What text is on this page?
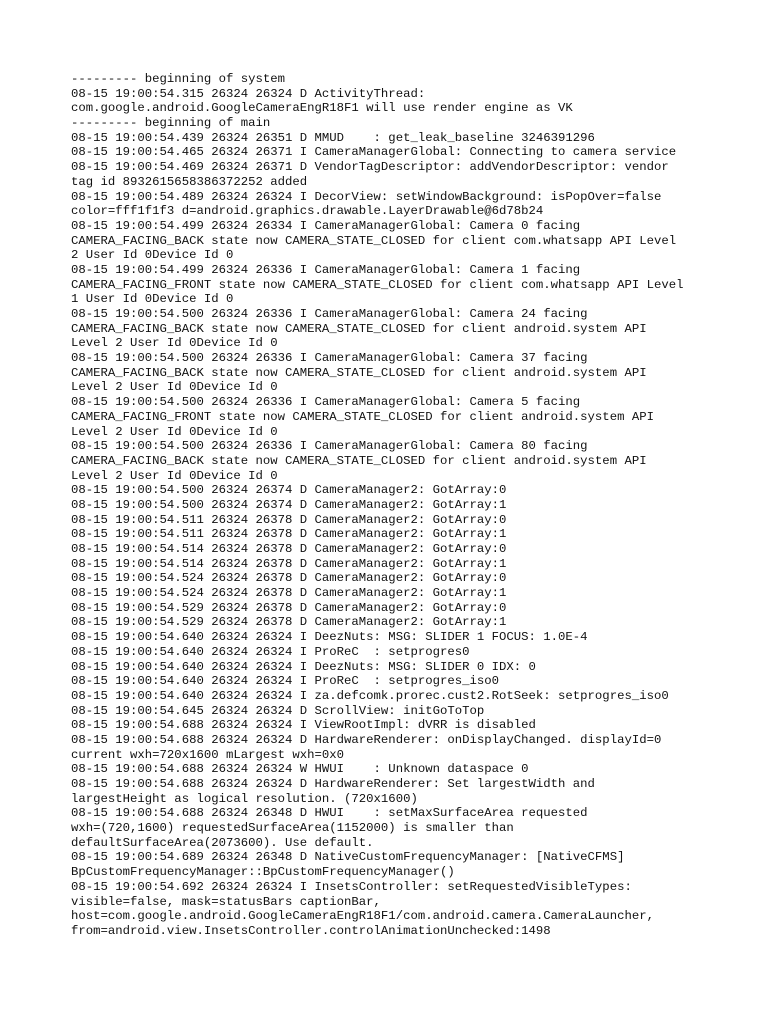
--------- beginning of system
08-15 19:00:54.315 26324 26324 D ActivityThread:
com.google.android.GoogleCameraEngR18F1 will use render engine as VK
--------- beginning of main
08-15 19:00:54.439 26324 26351 D MMUD    : get_leak_baseline 3246391296
08-15 19:00:54.465 26324 26371 I CameraManagerGlobal: Connecting to camera service
08-15 19:00:54.469 26324 26371 D VendorTagDescriptor: addVendorDescriptor: vendor
tag id 8932615658386372252 added
08-15 19:00:54.489 26324 26324 I DecorView: setWindowBackground: isPopOver=false
color=fff1f1f3 d=android.graphics.drawable.LayerDrawable@6d78b24
08-15 19:00:54.499 26324 26334 I CameraManagerGlobal: Camera 0 facing
CAMERA_FACING_BACK state now CAMERA_STATE_CLOSED for client com.whatsapp API Level
2 User Id 0Device Id 0
08-15 19:00:54.499 26324 26336 I CameraManagerGlobal: Camera 1 facing
CAMERA_FACING_FRONT state now CAMERA_STATE_CLOSED for client com.whatsapp API Level
1 User Id 0Device Id 0
08-15 19:00:54.500 26324 26336 I CameraManagerGlobal: Camera 24 facing
CAMERA_FACING_BACK state now CAMERA_STATE_CLOSED for client android.system API
Level 2 User Id 0Device Id 0
08-15 19:00:54.500 26324 26336 I CameraManagerGlobal: Camera 37 facing
CAMERA_FACING_BACK state now CAMERA_STATE_CLOSED for client android.system API
Level 2 User Id 0Device Id 0
08-15 19:00:54.500 26324 26336 I CameraManagerGlobal: Camera 5 facing
CAMERA_FACING_FRONT state now CAMERA_STATE_CLOSED for client android.system API
Level 2 User Id 0Device Id 0
08-15 19:00:54.500 26324 26336 I CameraManagerGlobal: Camera 80 facing
CAMERA_FACING_BACK state now CAMERA_STATE_CLOSED for client android.system API
Level 2 User Id 0Device Id 0
08-15 19:00:54.500 26324 26374 D CameraManager2: GotArray:0
08-15 19:00:54.500 26324 26374 D CameraManager2: GotArray:1
08-15 19:00:54.511 26324 26378 D CameraManager2: GotArray:0
08-15 19:00:54.511 26324 26378 D CameraManager2: GotArray:1
08-15 19:00:54.514 26324 26378 D CameraManager2: GotArray:0
08-15 19:00:54.514 26324 26378 D CameraManager2: GotArray:1
08-15 19:00:54.524 26324 26378 D CameraManager2: GotArray:0
08-15 19:00:54.524 26324 26378 D CameraManager2: GotArray:1
08-15 19:00:54.529 26324 26378 D CameraManager2: GotArray:0
08-15 19:00:54.529 26324 26378 D CameraManager2: GotArray:1
08-15 19:00:54.640 26324 26324 I DeezNuts: MSG: SLIDER 1 FOCUS: 1.0E-4
08-15 19:00:54.640 26324 26324 I ProReC  : setprogres0
08-15 19:00:54.640 26324 26324 I DeezNuts: MSG: SLIDER 0 IDX: 0
08-15 19:00:54.640 26324 26324 I ProReC  : setprogres_iso0
08-15 19:00:54.640 26324 26324 I za.defcomk.prorec.cust2.RotSeek: setprogres_iso0
08-15 19:00:54.645 26324 26324 D ScrollView: initGoToTop
08-15 19:00:54.688 26324 26324 I ViewRootImpl: dVRR is disabled
08-15 19:00:54.688 26324 26324 D HardwareRenderer: onDisplayChanged. displayId=0
current wxh=720x1600 mLargest wxh=0x0
08-15 19:00:54.688 26324 26324 W HWUI    : Unknown dataspace 0
08-15 19:00:54.688 26324 26324 D HardwareRenderer: Set largestWidth and
largestHeight as logical resolution. (720x1600)
08-15 19:00:54.688 26324 26348 D HWUI    : setMaxSurfaceArea requested
wxh=(720,1600) requestedSurfaceArea(1152000) is smaller than
defaultSurfaceArea(2073600). Use default.
08-15 19:00:54.689 26324 26348 D NativeCustomFrequencyManager: [NativeCFMS]
BpCustomFrequencyManager::BpCustomFrequencyManager()
08-15 19:00:54.692 26324 26324 I InsetsController: setRequestedVisibleTypes:
visible=false, mask=statusBars captionBar,
host=com.google.android.GoogleCameraEngR18F1/com.android.camera.CameraLauncher,
from=android.view.InsetsController.controlAnimationUnchecked:1498
